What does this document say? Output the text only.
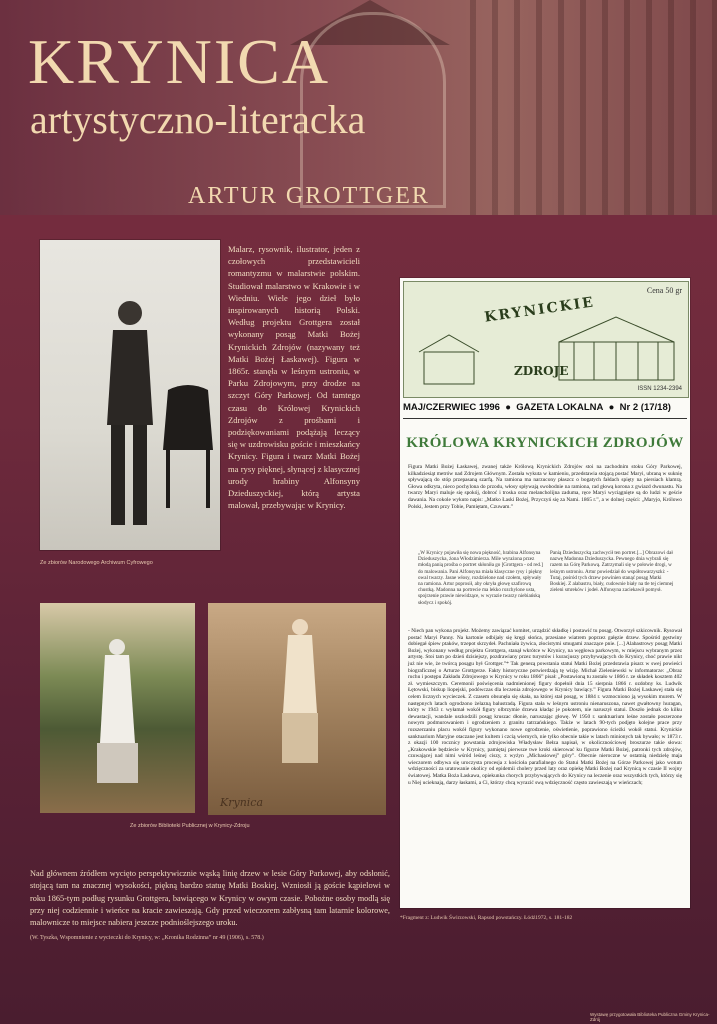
KRYNICA
artystyczno-literacka
ARTUR GROTTGER
Ze zbiorów Narodowego Archiwum Cyfrowego

Malarz, rysownik, ilustrator, jeden z czołowych przedstawicieli romantyzmu w malarstwie polskim. Studiował malarstwo w Krakowie i w Wiedniu. Wiele jego dzieł było inspirowanych historią Polski. Według projektu Grottgera został wykonany posąg Matki Bożej Krynickich Zdrojów (nazywany też Matki Bożej Łaskawej). Figura w 1865r. stanęła w leśnym ustroniu, w Parku Zdrojowym, przy drodze na szczyt Góry Parkowej. Od tamtego czasu do Królowej Krynickich Zdrojów z prośbami i podziękowaniami podążają leczący się w uzdrowisku goście i mieszkańcy Krynicy. Figura i twarz Matki Bożej ma rysy pięknej, słynącej z klasycznej urody hrabiny Alfonsyny Dzieduszyckiej, którą artysta malował, przebywając w Krynicy.

Krynica
Ze zbiorów Biblioteki Publicznej w Krynicy-Zdroju

Nad głównem źródłem wycięto perspektywicznie wąską linię drzew w lesie Góry Parkowej, aby odsłonić, stojącą tam na znacznej wysokości, piękną bardzo statuę Matki Boskiej. Wzniosłi ją goście kąpielowi w roku 1865-tym podług rysunku Grottgera, bawiącego w Krynicy w owym czasie. Pobożne osoby modlą się przy niej codziennie i wieńce na kracie zawieszają. Gdy przed wieczorem zabłysną tam latarnie kolorowe, malownicze to miejsce nabiera jeszcze podnioślejszego uroku.

(W. Tyszka, Wspomnienie z wycieczki do Krynicy, w: „Kronika Rodzinna” nr 49 (1906), s. 578.)
Cena 50 gr
KRYNICKIE
ZDROJE
ISSN 1234-2394
MAJ/CZERWIEC 1996  ●  GAZETA LOKALNA  ●  Nr 2 (17/18)
KRÓLOWA KRYNICKICH ZDROJÓW

Figura Matki Bożej Łaskawej, zwanej także Królową Krynickich Zdrojów stoi na zachodnim stoku Góry Parkowej, kilkadziesiąt metrów nad Zdrojem Głównym. Została wykuta w kamieniu, przedstawia stojącą postać Maryi, ubraną w suknię spływającą do stóp przepasaną szarfą. Na ramiona ma narzucony płaszcz o bogatych fałdach spięty na piersiach klamrą. Głowa odkryta, nieco pochylona do przodu, włosy spływają swobodnie na ramiona, rad głową korona z gwiazd dwunastu. Na twarzy Maryi maluje się spokój, dobroć i troska oraz melancholijna zaduma, ręce Maryi wyciągnięte są do ludzi w geście dawania. Na cokole wykuto napis: „Matko Łaski Bożej, Przyczyń się za Nami. 1865 r.”, a w dolnej części: „Maryjo, Królowo Polski, Jestem przy Tobie, Pamiętam, Czuwam.”

„W Krynicy pojawiła się nowa piękność, hrabina Alfonsyna Dzieduszycka, żona Włodzimierza. Mile wyrażona przez młodą panią prośba o portret skłoniła go [Grottgera - od red.] do malowania. Pani Alfonsyna miała klasyczne rysy i piękny owal twarzy. Jasne włosy, rozdzielone nad czołem, spływały na ramiona. Artur poprosił, aby okryła głowę szafirową chustką. Madonna na portrecie ma lekko rozchylone usta, spojrzenie prawie niewidzące, w wyrazie twarzy niebiańską słodycz i spokój.

Panią Dzieduszycką zachwycił ten portret.[...] Obrazowi dał nazwę Madonna Dzieduszycka. Pewnego dnia wybrali się razem na Górę Parkową. Zatrzymali się w połowie drogi, w leśnym ustroniu. Artur powiedział do współtowarzyszki: - Tutaj, pośród tych drzew powinien stanąć posąg Matki Boskiej. Z alabastru, biały, cudownie biały na tle tej ciemnej zieleni smreków i jodeł. Alfonsyna zaciekawił pomysł.

- Niech pan wykona projekt. Możemy zawiązać komitet, urządzić składkę i postawić tu posąg. Otworzył szkicownik. Rysował postać Maryi Panny. Na kartonie odbijały się kręgi słońca, przesiane wiatrem poprzez gałęzie drzew. Spośród gęstwiny dobiegał śpiew ptaków, trzepot skrzydeł. Pachniała żywica, złocistymi smugami znaczące pnie. [...] Alabastrowy posąg Matki Bożej, wykonany według projektu Grottgera, stanął wkrótce w Krynicy, na węgłowa parkowym, w miejscu wybranym przez artystę. Stoi tam po dzień dzisiejszy, pozdrawiany przez turystów i kuracjuszy przybywających do Krynicy, choć prawie nikt już nie wie, że twórcą posągu był Grottger.”* Tak genezą powstania statui Matki Bożej przedstawia pisarz w swej powieści biograficznej o Arturze Grottgerze. Fakty historyczne potwierdzają tę wizję. Michał Zieleniewski w informatorze: „Obraz ruchu i postępu Zakładu Zdrojowego w Krynicy w roku 1866” pisał: „Postawioną tu zostało w 1866 r. ze składek kosztem 402 zł. wymieszczym. Ceremonii poświęcenia nadmienionej figury dopełnił dnia 15 sierpnia 1866 r. ozdobny ks. Ludwik Łętowski, biskup liopejski, podówczas dla leczenia zdrojowego w Krynicy bawiący.” Figura Matki Bożej Łaskawej stała się celem licznych wycieczek. Z czasem obsunęła się skała, na której stał posąg, w 1884 r. wzmocniono ją wysokim murem. W następnych latach ogrodzono żelazną balustradą. Figura stała w leśnym ustroniu nienaruszona, nawet gwałtowny huragan, który w 1943 r. wyłamał wokół figury olbrzymie drzewa kładąc je pokotem, nie naruszył statui. Doszło jednak do kilku dewastacji, wandale uszkodzili posąg kruszac dłonie, naruszając głowę. W 1950 r. sanktuarium leśne zostało poszerzone nowym podmurowaniem i ogrodzeniem z granitu tatrzańskiego. Także w latach 90-tych podjęto kolejne prace przy rozszerzaniu placu wokół figury wykonano nowe ogrodzenie, oświetlenie, poprawiono ścieżki wokół statui. Krynickie sanktuarium Maryjne otaczane jest kultem i czcią wiernych, nie tylko obecnie takie w latach minionych tak bywało; w 1873 r. z okazji 100 rocznicy powstania zdrojowiska Władysław Bełza napisał, w okolicznościowej broszurze takie słowa: „Krakowskie będziecie w Krynicy, pamiętaj pierwsze twe kroki skierować ku figurze Matki Bożej, patronki tych zdrojów, czuwającej nad nimi wśród leśnej ciszy, z wyżyn „Michasiowej” góry”. Obecnie nieroczne w ostatnią niedzielę maja wieczorem odbywa się uroczysta procesja z kościoła parafialnego do Statui Matki Bożej na Górze Parkowej jako wotum wdzięczności za uratowanie okolicy od epidemii cholery przed laty oraz opiekę Matki Bożej nad Krynicą w czasie II wojny światowej. Matka Boża Łaskawa, opiekunka chorych przybywających do Krynicy na leczenie oraz wszystkich tych, którzy się u Niej ucieknają, darzy łaskami, a Ci, którzy chcą wyrazić swą wdzięczność często zawieszają w wieńczach;

*Fragment z: Ludwik Świrzowski, Rapsod powstańczy. Łódź1972, s. 181-182
Wystawę przygotowała Biblioteka Publiczna Gminy Krynica-Zdrój
